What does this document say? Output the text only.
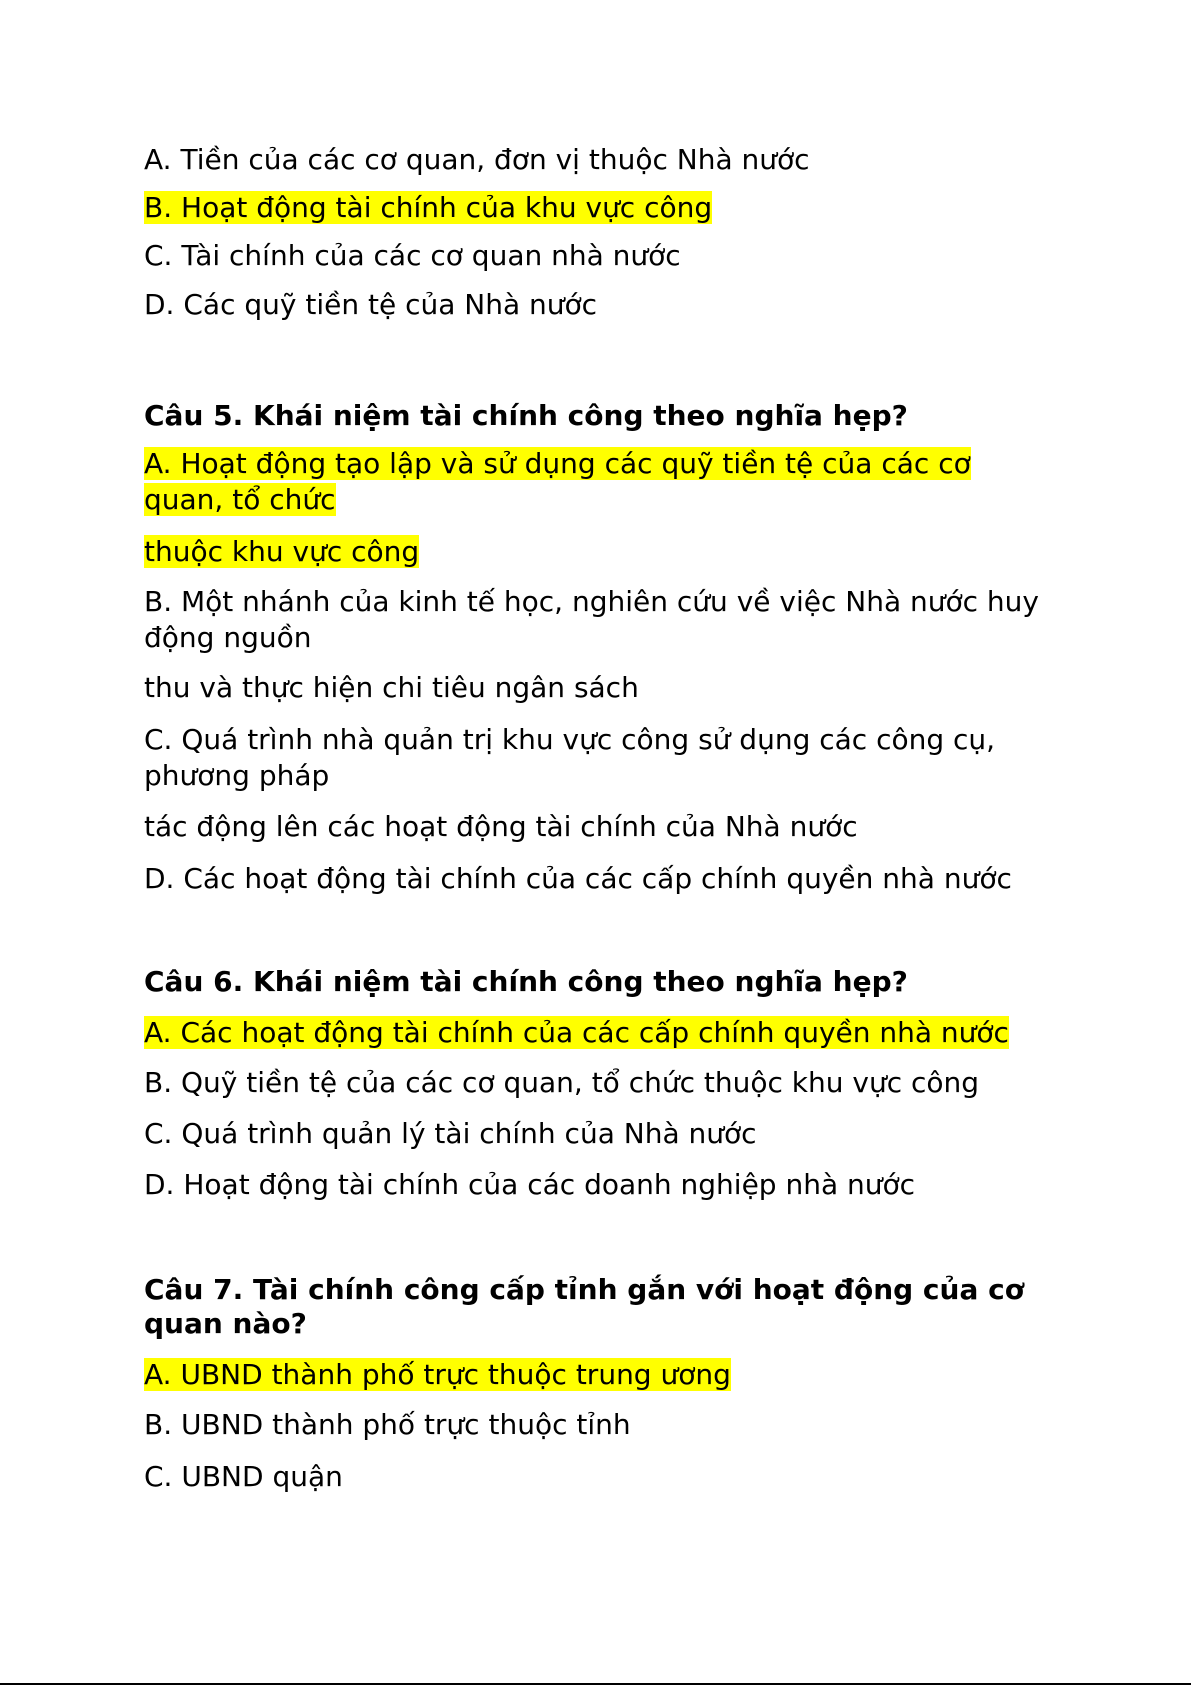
A. Tiền của các cơ quan, đơn vị thuộc Nhà nước
B. Hoạt động tài chính của khu vực công
C. Tài chính của các cơ quan nhà nước
D. Các quỹ tiền tệ của Nhà nước
Câu 5. Khái niệm tài chính công theo nghĩa hẹp?
A. Hoạt động tạo lập và sử dụng các quỹ tiền tệ của các cơ
quan, tổ chức
thuộc khu vực công
B. Một nhánh của kinh tế học, nghiên cứu về việc Nhà nước huy
động nguồn
thu và thực hiện chi tiêu ngân sách
C. Quá trình nhà quản trị khu vực công sử dụng các công cụ,
phương pháp
tác động lên các hoạt động tài chính của Nhà nước
D. Các hoạt động tài chính của các cấp chính quyền nhà nước
Câu 6. Khái niệm tài chính công theo nghĩa hẹp?
A. Các hoạt động tài chính của các cấp chính quyền nhà nước
B. Quỹ tiền tệ của các cơ quan, tổ chức thuộc khu vực công
C. Quá trình quản lý tài chính của Nhà nước
D. Hoạt động tài chính của các doanh nghiệp nhà nước
Câu 7. Tài chính công cấp tỉnh gắn với hoạt động của cơ
quan nào?
A. UBND thành phố trực thuộc trung ương
B. UBND thành phố trực thuộc tỉnh
C. UBND quận
